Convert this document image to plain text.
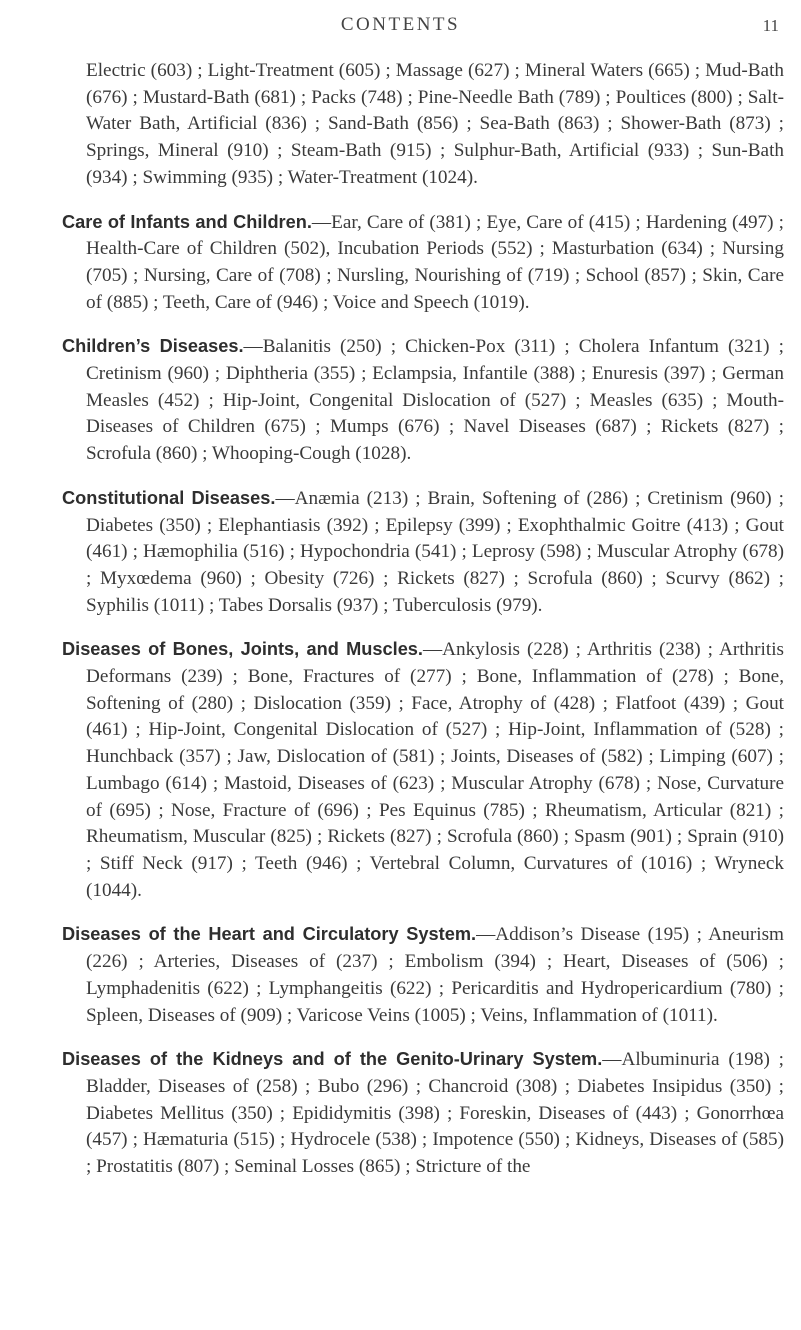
CONTENTS	11

Electric (603) ; Light-Treatment (605) ; Massage (627) ; Mineral Waters (665) ; Mud-Bath (676) ; Mustard-Bath (681) ; Packs (748) ; Pine-Needle Bath (789) ; Poultices (800) ; Salt-Water Bath, Artificial (836) ; Sand-Bath (856) ; Sea-Bath (863) ; Shower-Bath (873) ; Springs, Mineral (910) ; Steam-Bath (915) ; Sulphur-Bath, Artificial (933) ; Sun-Bath (934) ; Swimming (935) ; Water-Treatment (1024).

Care of Infants and Children.—Ear, Care of (381) ; Eye, Care of (415) ; Hardening (497) ; Health-Care of Children (502), Incubation Periods (552) ; Masturbation (634) ; Nursing (705) ; Nursing, Care of (708) ; Nursling, Nourishing of (719) ; School (857) ; Skin, Care of (885) ; Teeth, Care of (946) ; Voice and Speech (1019).

Children’s Diseases.—Balanitis (250) ; Chicken-Pox (311) ; Cholera Infantum (321) ; Cretinism (960) ; Diphtheria (355) ; Eclampsia, Infantile (388) ; Enuresis (397) ; German Measles (452) ; Hip-Joint, Congenital Dislocation of (527) ; Measles (635) ; Mouth-Diseases of Children (675) ; Mumps (676) ; Navel Diseases (687) ; Rickets (827) ; Scrofula (860) ; Whooping-Cough (1028).

Constitutional Diseases.—Anæmia (213) ; Brain, Softening of (286) ; Cretinism (960) ; Diabetes (350) ; Elephantiasis (392) ; Epilepsy (399) ; Exophthalmic Goitre (413) ; Gout (461) ; Hæmophilia (516) ; Hypochondria (541) ; Leprosy (598) ; Muscular Atrophy (678) ; Myxœdema (960) ; Obesity (726) ; Rickets (827) ; Scrofula (860) ; Scurvy (862) ; Syphilis (1011) ; Tabes Dorsalis (937) ; Tuberculosis (979).

Diseases of Bones, Joints, and Muscles.—Ankylosis (228) ; Arthritis (238) ; Arthritis Deformans (239) ; Bone, Fractures of (277) ; Bone, Inflammation of (278) ; Bone, Softening of (280) ; Dislocation (359) ; Face, Atrophy of (428) ; Flatfoot (439) ; Gout (461) ; Hip-Joint, Congenital Dislocation of (527) ; Hip-Joint, Inflammation of (528) ; Hunchback (357) ; Jaw, Dislocation of (581) ; Joints, Diseases of (582) ; Limping (607) ; Lumbago (614) ; Mastoid, Diseases of (623) ; Muscular Atrophy (678) ; Nose, Curvature of (695) ; Nose, Fracture of (696) ; Pes Equinus (785) ; Rheumatism, Articular (821) ; Rheumatism, Muscular (825) ; Rickets (827) ; Scrofula (860) ; Spasm (901) ; Sprain (910) ; Stiff Neck (917) ; Teeth (946) ; Vertebral Column, Curvatures of (1016) ; Wryneck (1044).

Diseases of the Heart and Circulatory System.—Addison’s Disease (195) ; Aneurism (226) ; Arteries, Diseases of (237) ; Embolism (394) ; Heart, Diseases of (506) ; Lymphadenitis (622) ; Lymphangeitis (622) ; Pericarditis and Hydropericardium (780) ; Spleen, Diseases of (909) ; Varicose Veins (1005) ; Veins, Inflammation of (1011).

Diseases of the Kidneys and of the Genito-Urinary System.—Albuminuria (198) ; Bladder, Diseases of (258) ; Bubo (296) ; Chancroid (308) ; Diabetes Insipidus (350) ; Diabetes Mellitus (350) ; Epididymitis (398) ; Foreskin, Diseases of (443) ; Gonorrhœa (457) ; Hæmaturia (515) ; Hydrocele (538) ; Impotence (550) ; Kidneys, Diseases of (585) ; Prostatitis (807) ; Seminal Losses (865) ; Stricture of the
